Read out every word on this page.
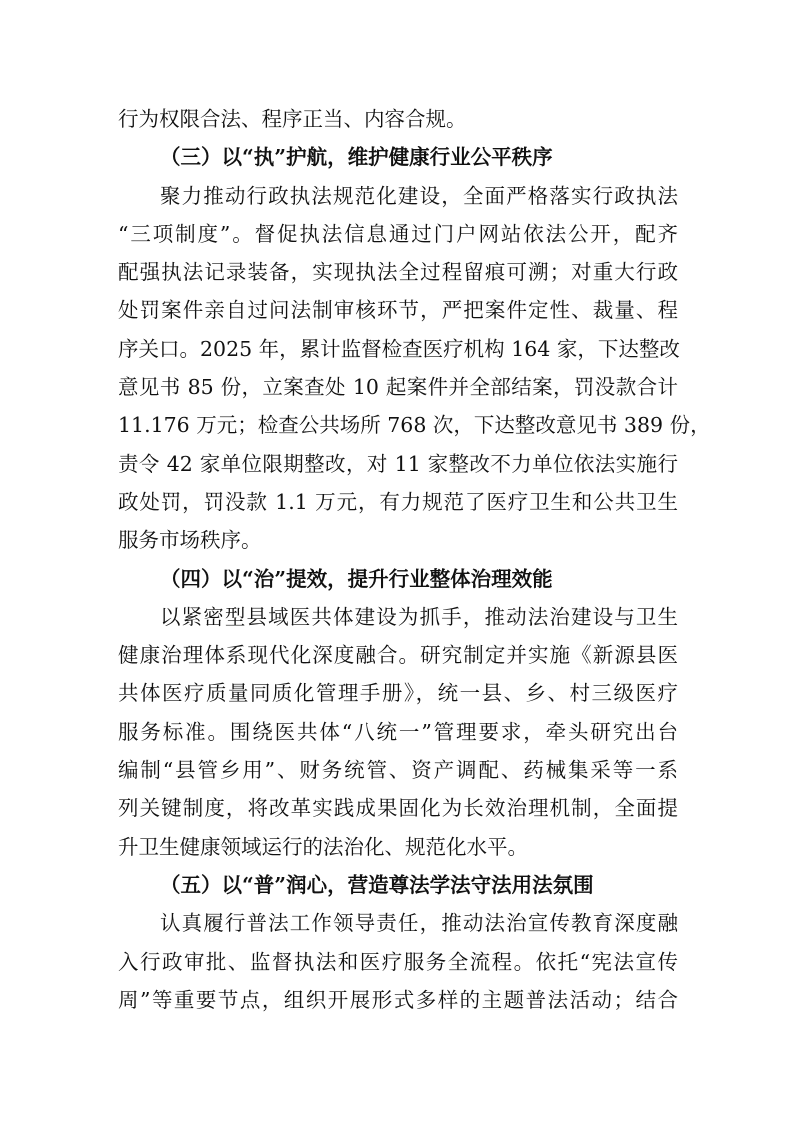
行为权限合法、程序正当、内容合规。
（三）以“执”护航，维护健康行业公平秩序
聚力推动行政执法规范化建设，全面严格落实行政执法
“三项制度”。督促执法信息通过门户网站依法公开，配齐
配强执法记录装备，实现执法全过程留痕可溯；对重大行政
处罚案件亲自过问法制审核环节，严把案件定性、裁量、程
序关口。2025 年，累计监督检查医疗机构 164 家，下达整改
意见书 85 份，立案查处 10 起案件并全部结案，罚没款合计
11.176 万元；检查公共场所 768 次，下达整改意见书 389 份，
责令 42 家单位限期整改，对 11 家整改不力单位依法实施行
政处罚，罚没款 1.1 万元，有力规范了医疗卫生和公共卫生
服务市场秩序。
（四）以“治”提效，提升行业整体治理效能
以紧密型县域医共体建设为抓手，推动法治建设与卫生
健康治理体系现代化深度融合。研究制定并实施《新源县医
共体医疗质量同质化管理手册》，统一县、乡、村三级医疗
服务标准。围绕医共体“八统一”管理要求，牵头研究出台
编制“县管乡用”、财务统管、资产调配、药械集采等一系
列关键制度，将改革实践成果固化为长效治理机制，全面提
升卫生健康领域运行的法治化、规范化水平。
（五）以“普”润心，营造尊法学法守法用法氛围
认真履行普法工作领导责任，推动法治宣传教育深度融
入行政审批、监督执法和医疗服务全流程。依托“宪法宣传
周”等重要节点，组织开展形式多样的主题普法活动；结合
